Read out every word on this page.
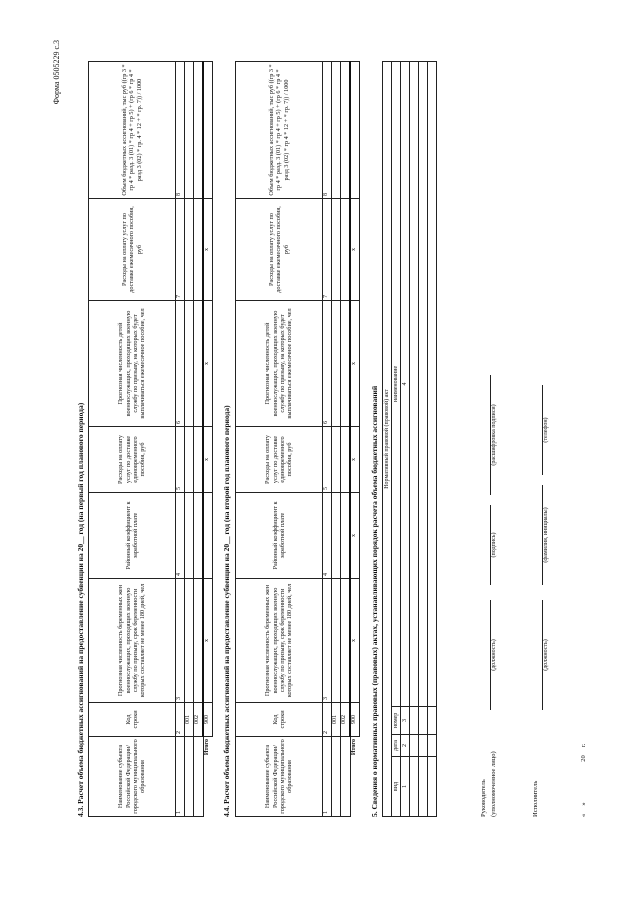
Форма 0505229 с.3
4.3. Расчет объема бюджетных ассигнований на предоставление субвенции на 20__ год (на первый год планового периода)	Наименование субъекта Российской Федерации/городского муниципального образования	Код строки	Прогнозная численность беременных жен военнослужащих, проходящих военную службу по призыву, срок беременности которых составляет не менее 180 дней, чел	Районный коэффициент к заработной плате	Расходы на оплату услуг по доставке единовременного пособия, руб	Прогнозная численность детей военнослужащих, проходящих военную службу по призыву, на которых будет выплачиваться ежемесячное пособие, чел	Расходы на оплату услуг по доставке ежемесячного пособия, руб	Объем бюджетных ассигнований, тыс руб ((гр 3 * гр 4 * разд. 3 (01) * гр 4 + гр 5) + (гр 6 * гр 4 * разд 3 (02) * гр. 4 * 12 + * гр. 7)) / 1000
1	2	3	4	5	6	7	8
	001						
	002						
Итого	900	x		x	x	x	
4.4. Расчет объема бюджетных ассигнований на предоставление субвенции на 20__ год (на второй год планового периода)	Наименование субъекта Российской Федерации/городского муниципального образования	Код строки	Прогнозная численность беременных жен военнослужащих, проходящих военную службу по призыву, срок беременности которых составляет не менее 180 дней, чел	Районный коэффициент к заработной плате	Расходы на оплату услуг по доставке единовременного пособия, руб	Прогнозная численность детей военнослужащих, проходящих военную службу по призыву, на которых будет выплачиваться ежемесячное пособие, чел	Расходы на оплату услуг по доставке ежемесячного пособия, руб	Объем бюджетных ассигнований, тыс руб ((гр 3 * гр 4 * разд. 3 (01) * гр 4 + гр 5) + (гр 6 * гр 4 * разд 3 (02) * гр 4 * 12 + * гр. 7)) / 1000
1	2	3	4	5	6	7	8
	001						
	002						
Итого	900	x	x	x	x	x	
5. Сведения о нормативных правовых (правовых) актах, устанавливающих порядок расчета объема бюджетных ассигнований Нормативный правовой (правовой) акт			
вид	дата	номер	наименование
1	2	3	4

Руководитель (уполномоченное лицо)
(должность)
(подпись)
(расшифровка подписи)
Исполнитель
(должность)
(фамилия, инициалы)
(телефон)
«     »                         20     г.
